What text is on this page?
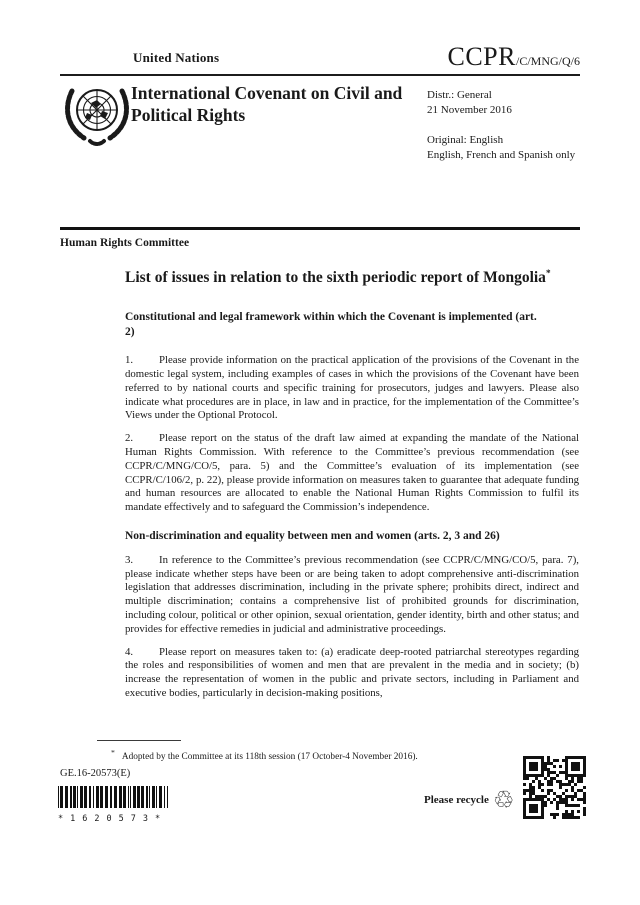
United Nations	CCPR/C/MNG/Q/6
International Covenant on Civil and Political Rights
Distr.: General
21 November 2016
Original: English
English, French and Spanish only
Human Rights Committee
List of issues in relation to the sixth periodic report of Mongolia*
Constitutional and legal framework within which the Covenant is implemented (art. 2)

1. Please provide information on the practical application of the provisions of the Covenant in the domestic legal system, including examples of cases in which the provisions of the Covenant have been referred to by national courts and specific training for prosecutors, judges and lawyers. Please also indicate what procedures are in place, in law and in practice, for the implementation of the Committee’s Views under the Optional Protocol.

2. Please report on the status of the draft law aimed at expanding the mandate of the National Human Rights Commission. With reference to the Committee’s previous recommendation (see CCPR/C/MNG/CO/5, para. 5) and the Committee’s evaluation of its implementation (see CCPR/C/106/2, p. 22), please provide information on measures taken to guarantee that adequate funding and human resources are allocated to enable the National Human Rights Commission to fulfil its mandate effectively and to safeguard the Commission’s independence.

Non-discrimination and equality between men and women (arts. 2, 3 and 26)

3. In reference to the Committee’s previous recommendation (see CCPR/C/MNG/CO/5, para. 7), please indicate whether steps have been or are being taken to adopt comprehensive anti-discrimination legislation that addresses discrimination, including in the private sphere; prohibits direct, indirect and multiple discrimination; contains a comprehensive list of prohibited grounds for discrimination, including colour, political or other opinion, sexual orientation, gender identity, birth and other status; and provides for effective remedies in judicial and administrative proceedings.

4. Please report on measures taken to: (a) eradicate deep-rooted patriarchal stereotypes regarding the roles and responsibilities of women and men that are prevalent in the media and in society; (b) increase the representation of women in the public and private sectors, including in Parliament and executive bodies, particularly in decision-making positions,

* Adopted by the Committee at its 118th session (17 October-4 November 2016).
GE.16-20573(E)
*1620573*
Please recycle ♲
